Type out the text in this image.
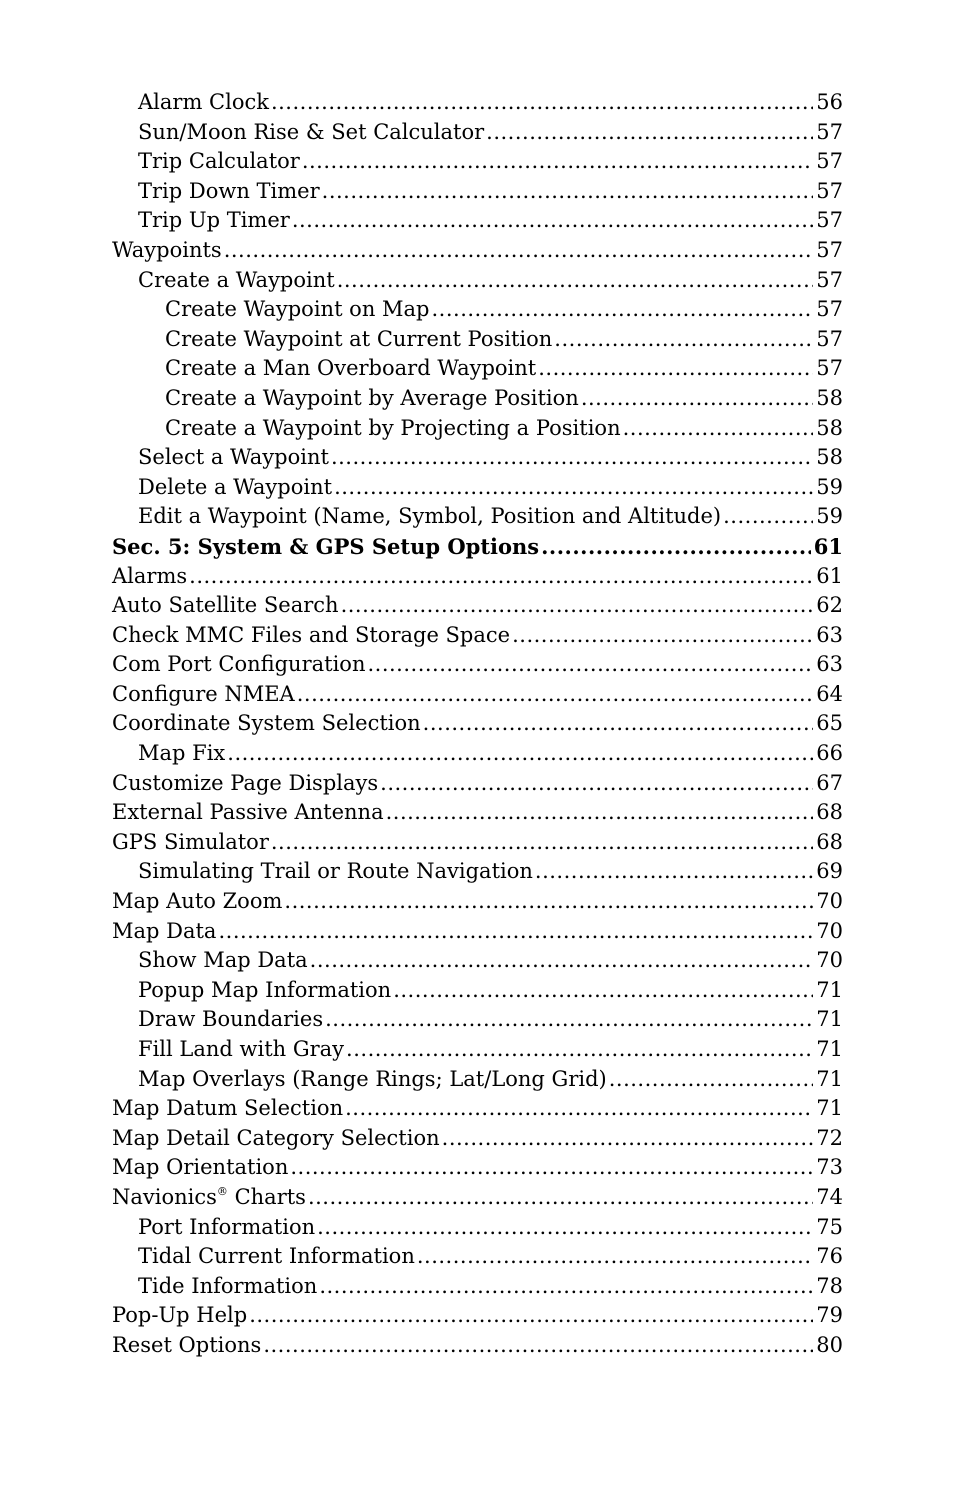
Alarm Clock .....	56
Sun/Moon Rise & Set Calculator .....	57
Trip Calculator .....	57
Trip Down Timer .....	57
Trip Up Timer .....	57
Waypoints .....	57
Create a Waypoint .....	57
Create Waypoint on Map .....	57
Create Waypoint at Current Position .....	57
Create a Man Overboard Waypoint .....	57
Create a Waypoint by Average Position .....	58
Create a Waypoint by Projecting a Position .....	58
Select a Waypoint .....	58
Delete a Waypoint .....	59
Edit a Waypoint (Name, Symbol, Position and Altitude) .....	59
Sec. 5: System & GPS Setup Options .....	61
Alarms .....	61
Auto Satellite Search .....	62
Check MMC Files and Storage Space .....	63
Com Port Configuration .....	63
Configure NMEA .....	64
Coordinate System Selection .....	65
Map Fix .....	66
Customize Page Displays .....	67
External Passive Antenna .....	68
GPS Simulator .....	68
Simulating Trail or Route Navigation .....	69
Map Auto Zoom .....	70
Map Data .....	70
Show Map Data .....	70
Popup Map Information .....	71
Draw Boundaries .....	71
Fill Land with Gray .....	71
Map Overlays (Range Rings; Lat/Long Grid) .....	71
Map Datum Selection .....	71
Map Detail Category Selection .....	72
Map Orientation .....	73
Navionics® Charts .....	74
Port Information .....	75
Tidal Current Information .....	76
Tide Information .....	78
Pop-Up Help .....	79
Reset Options .....	80
